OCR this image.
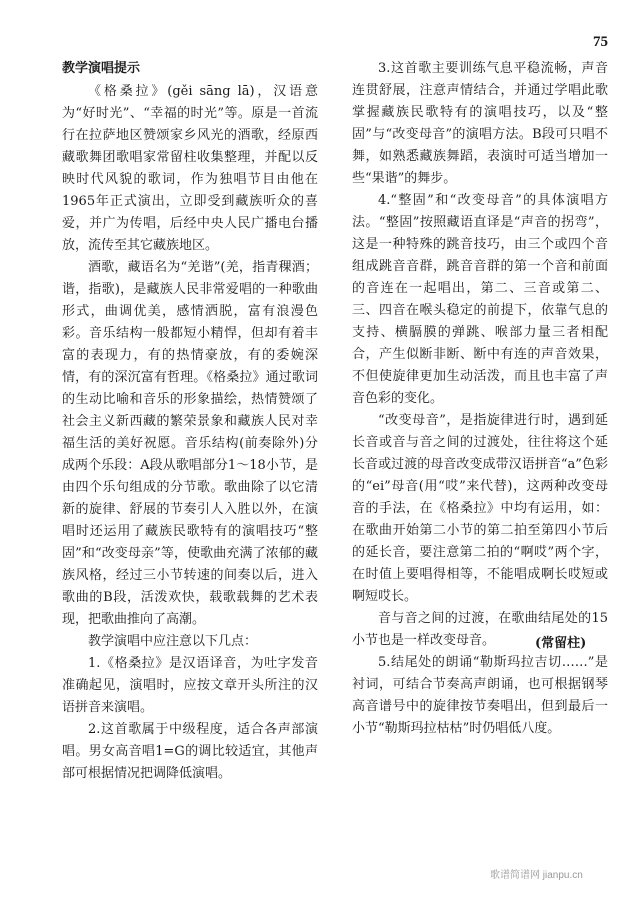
75
教学演唱提示

《格桑拉》(gěi sāng lā)，汉语意为“好时光”、“幸福的时光”等。原是一首流行在拉萨地区赞颂家乡风光的酒歌，经原西藏歌舞团歌唱家常留柱收集整理，并配以反映时代风貌的歌词，作为独唱节目由他在1965年正式演出，立即受到藏族听众的喜爱，并广为传唱，后经中央人民广播电台播放，流传至其它藏族地区。

酒歌，藏语名为“羌谐”(羌，指青稞酒；谐，指歌)，是藏族人民非常爱唱的一种歌曲形式，曲调优美，感情洒脱，富有浪漫色彩。音乐结构一般都短小精悍，但却有着丰富的表现力，有的热情豪放，有的委婉深情，有的深沉富有哲理。《格桑拉》通过歌词的生动比喻和音乐的形象描绘，热情赞颂了社会主义新西藏的繁荣景象和藏族人民对幸福生活的美好祝愿。音乐结构(前奏除外)分成两个乐段：A段从歌唱部分1～18小节，是由四个乐句组成的分节歌。歌曲除了以它清新的旋律、舒展的节奏引人入胜以外，在演唱时还运用了藏族民歌特有的演唱技巧“整固”和“改变母亲”等，使歌曲充满了浓郁的藏族风格，经过三小节转速的间奏以后，进入歌曲的B段，活泼欢快，载歌载舞的艺术表现，把歌曲推向了高潮。

教学演唱中应注意以下几点：

1.《格桑拉》是汉语译音，为吐字发音准确起见，演唱时，应按文章开头所注的汉语拼音来演唱。

2.这首歌属于中级程度，适合各声部演唱。男女高音唱1=G的调比较适宜，其他声部可根据情况把调降低演唱。

3.这首歌主要训练气息平稳流畅，声音连贯舒展，注意声情结合，并通过学唱此歌掌握藏族民歌特有的演唱技巧，以及“整固”与“改变母音”的演唱方法。B段可只唱不舞，如熟悉藏族舞蹈，表演时可适当增加一些“果谐”的舞步。

4.“整固”和“改变母音”的具体演唱方法。“整固”按照藏语直译是“声音的拐弯”，这是一种特殊的跳音技巧，由三个或四个音组成跳音音群，跳音音群的第一个音和前面的音连在一起唱出，第二、三音或第二、三、四音在喉头稳定的前提下，依靠气息的支持、横膈膜的弹跳、喉部力量三者相配合，产生似断非断、断中有连的声音效果，不但使旋律更加生动活泼，而且也丰富了声音色彩的变化。

“改变母音”，是指旋律进行时，遇到延长音或音与音之间的过渡处，往往将这个延长音或过渡的母音改变成带汉语拼音“a”色彩的“ei”母音(用“哎”来代替)，这两种改变母音的手法，在《格桑拉》中均有运用，如：在歌曲开始第二小节的第二拍至第四小节后的延长音，要注意第二拍的“啊哎”两个字，在时值上要唱得相等，不能唱成啊长哎短或啊短哎长。

音与音之间的过渡，在歌曲结尾处的15小节也是一样改变母音。

5.结尾处的朗诵“勒斯玛拉吉切……”是衬词，可结合节奏高声朗诵，也可根据钢琴高音谱号中的旋律按节奏唱出，但到最后一小节“勒斯玛拉枯枯”时仍唱低八度。

(常留柱)
歌谱简谱网 jianpu.cn
